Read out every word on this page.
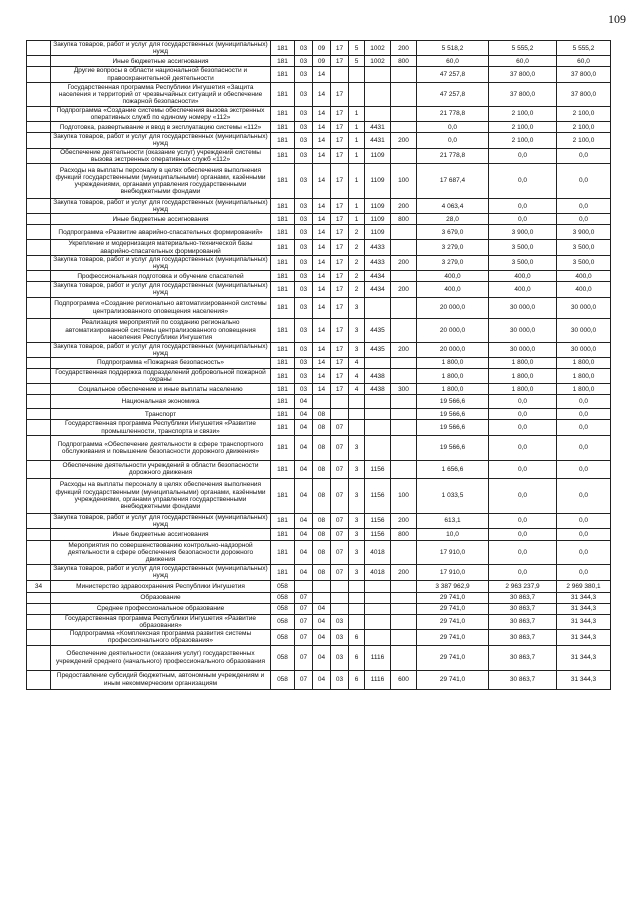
109
	Закупка товаров, работ и услуг для государственных (муниципальных) нужд	181	03	09	17	5	1002	200	5 518,2	5 555,2	5 555,2
	Иные бюджетные ассигнования	181	03	09	17	5	1002	800	60,0	60,0	60,0
	Другие вопросы в области национальной безопасности и правоохранительной деятельности	181	03	14					47 257,8	37 800,0	37 800,0
	Государственная программа Республики Ингушетия «Защита населения и территорий от чрезвычайных ситуаций и обеспечение пожарной безопасности»	181	03	14	17				47 257,8	37 800,0	37 800,0
	Подпрограмма «Создание системы обеспечения вызова экстренных оперативных служб по единому номеру «112»	181	03	14	17	1			21 778,8	2 100,0	2 100,0
	Подготовка, развертывание и ввод в эксплуатацию системы «112»	181	03	14	17	1	4431		0,0	2 100,0	2 100,0
	Закупка товаров, работ и услуг для государственных (муниципальных) нужд	181	03	14	17	1	4431	200	0,0	2 100,0	2 100,0
	Обеспечение деятельности (оказание услуг) учреждений системы вызова экстренных оперативных служб «112»	181	03	14	17	1	1109		21 778,8	0,0	0,0
	Расходы на выплаты персоналу в целях обеспечения выполнения функций государственными (муниципальными) органами, казёнными учреждениями, органами управления государственными внебюджетными фондами	181	03	14	17	1	1109	100	17 687,4	0,0	0,0
	Закупка товаров, работ и услуг для государственных (муниципальных) нужд	181	03	14	17	1	1109	200	4 063,4	0,0	0,0
	Иные бюджетные ассигнования	181	03	14	17	1	1109	800	28,0	0,0	0,0
	Подпрограмма «Развитие аварийно-спасательных формирований»	181	03	14	17	2	1109		3 679,0	3 900,0	3 900,0
	Укрепление и модернизация материально-технической базы аварийно-спасательных формирований	181	03	14	17	2	4433		3 279,0	3 500,0	3 500,0
	Закупка товаров, работ и услуг для государственных (муниципальных) нужд	181	03	14	17	2	4433	200	3 279,0	3 500,0	3 500,0
	Профессиональная подготовка и обучение спасателей	181	03	14	17	2	4434		400,0	400,0	400,0
	Закупка товаров, работ и услуг для государственных (муниципальных) нужд	181	03	14	17	2	4434	200	400,0	400,0	400,0
	Подпрограмма «Создание регионально автоматизированной системы централизованного оповещения населения»	181	03	14	17	3			20 000,0	30 000,0	30 000,0
	Реализация мероприятий по созданию регионально автоматизированной системы централизованного оповещения населения Республики Ингушетия	181	03	14	17	3	4435		20 000,0	30 000,0	30 000,0
	Закупка товаров, работ и услуг для государственных (муниципальных) нужд	181	03	14	17	3	4435	200	20 000,0	30 000,0	30 000,0
	Подпрограмма «Пожарная безопасность»	181	03	14	17	4			1 800,0	1 800,0	1 800,0
	Государственная поддержка подразделений добровольной пожарной охраны	181	03	14	17	4	4438		1 800,0	1 800,0	1 800,0
	Социальное обеспечение и иные выплаты населению	181	03	14	17	4	4438	300	1 800,0	1 800,0	1 800,0
	Национальная экономика	181	04						19 566,6	0,0	0,0
	Транспорт	181	04	08					19 566,6	0,0	0,0
	Государственная программа Республики Ингушетия «Развитие промышленности, транспорта и связи»	181	04	08	07				19 566,6	0,0	0,0
	Подпрограмма «Обеспечение деятельности в сфере транспортного обслуживания и повышение безопасности дорожного движения»	181	04	08	07	3			19 566,6	0,0	0,0
	Обеспечение деятельности учреждений в области безопасности дорожного движения	181	04	08	07	3	1156		1 656,6	0,0	0,0
	Расходы на выплаты персоналу в целях обеспечения выполнения функций государственными (муниципальными) органами, казёнными учреждениями, органами управления государственными внебюджетными фондами	181	04	08	07	3	1156	100	1 033,5	0,0	0,0
	Закупка товаров, работ и услуг для государственных (муниципальных) нужд	181	04	08	07	3	1156	200	613,1	0,0	0,0
	Иные бюджетные ассигнования	181	04	08	07	3	1156	800	10,0	0,0	0,0
	Мероприятия по совершенствованию контрольно-надзорной деятельности в сфере обеспечения безопасности дорожного движения	181	04	08	07	3	4018		17 910,0	0,0	0,0
	Закупка товаров, работ и услуг для государственных (муниципальных) нужд	181	04	08	07	3	4018	200	17 910,0	0,0	0,0
34	Министерство здравоохранения Республики Ингушетия	058							3 387 962,9	2 963 237,9	2 969 380,1
	Образование	058	07						29 741,0	30 863,7	31 344,3
	Среднее профессиональное образование	058	07	04					29 741,0	30 863,7	31 344,3
	Государственная программа Республики Ингушетия «Развитие образования»	058	07	04	03				29 741,0	30 863,7	31 344,3
	Подпрограмма «Комплексная программа развития системы профессионального образования»	058	07	04	03	6			29 741,0	30 863,7	31 344,3
	Обеспечение деятельности (оказания услуг) государственных учреждений среднего (начального) профессионального образования	058	07	04	03	6	1116		29 741,0	30 863,7	31 344,3
	Предоставление субсидий бюджетным, автономным учреждениям и иным некоммерческим организациям	058	07	04	03	6	1116	600	29 741,0	30 863,7	31 344,3
